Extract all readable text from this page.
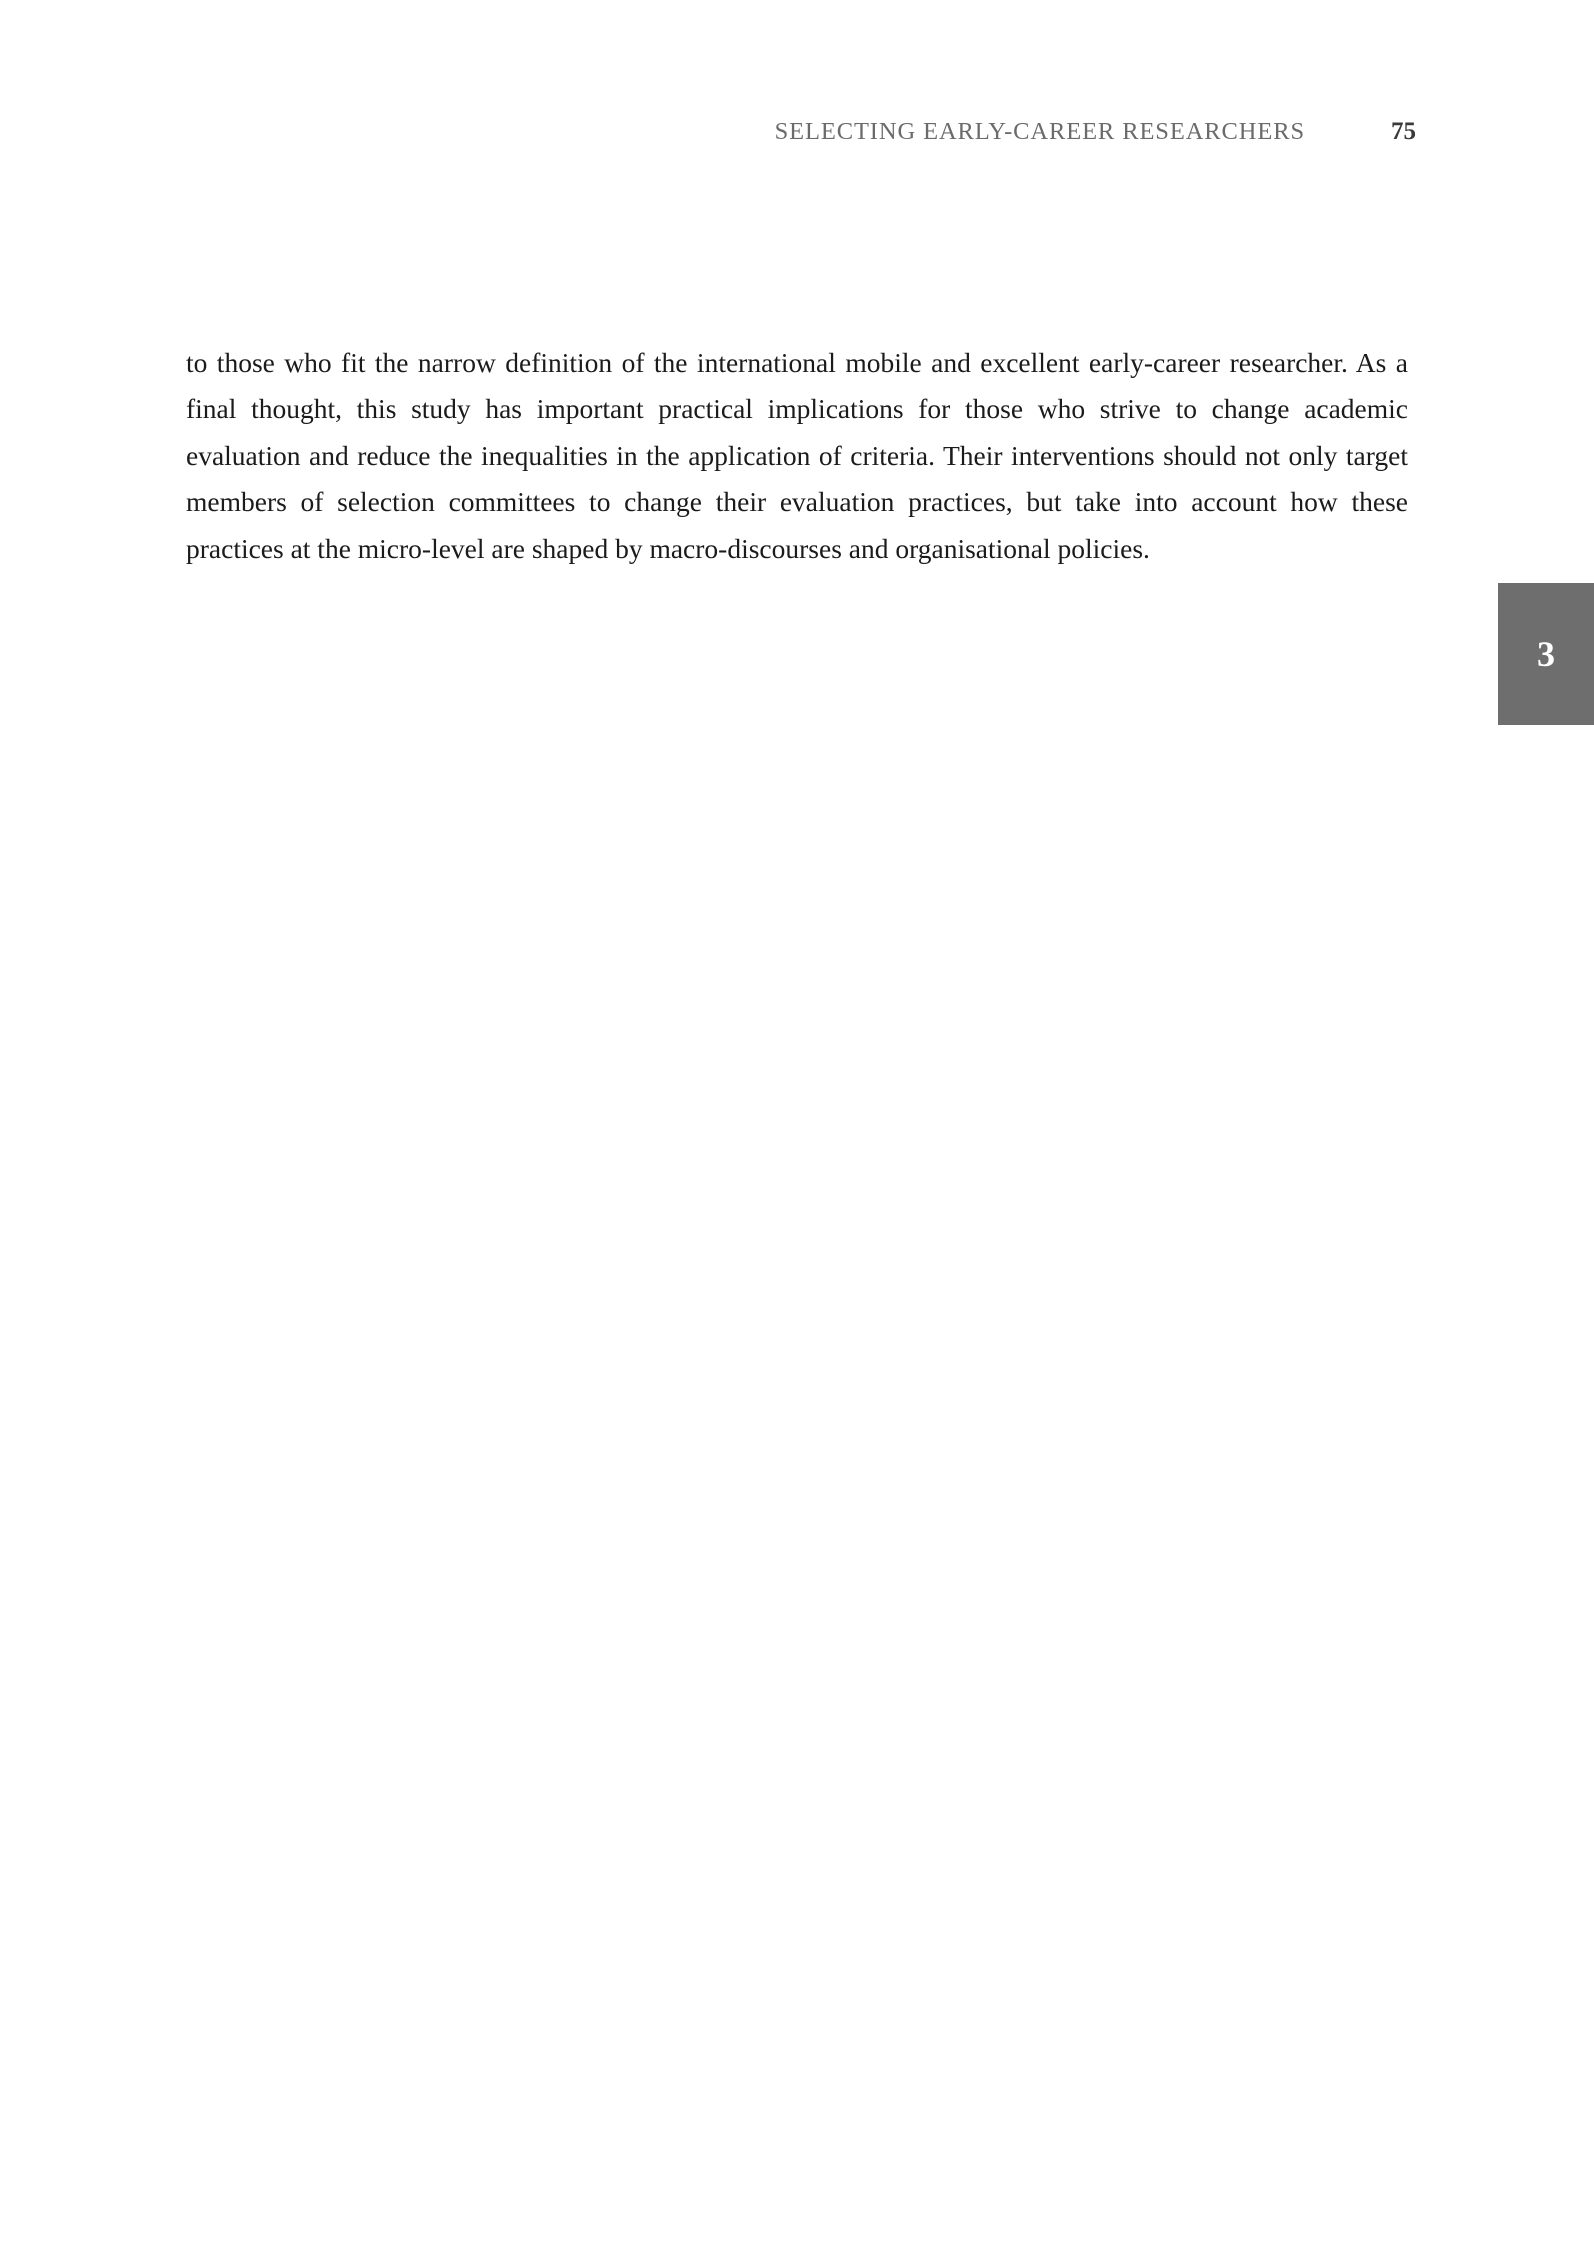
SELECTING EARLY-CAREER RESEARCHERS	75

to those who fit the narrow definition of the international mobile and excellent early-career researcher. As a final thought, this study has important practical implications for those who strive to change academic evaluation and reduce the inequalities in the application of criteria. Their interventions should not only target members of selection committees to change their evaluation practices, but take into account how these practices at the micro-level are shaped by macro-discourses and organisational policies.

3
